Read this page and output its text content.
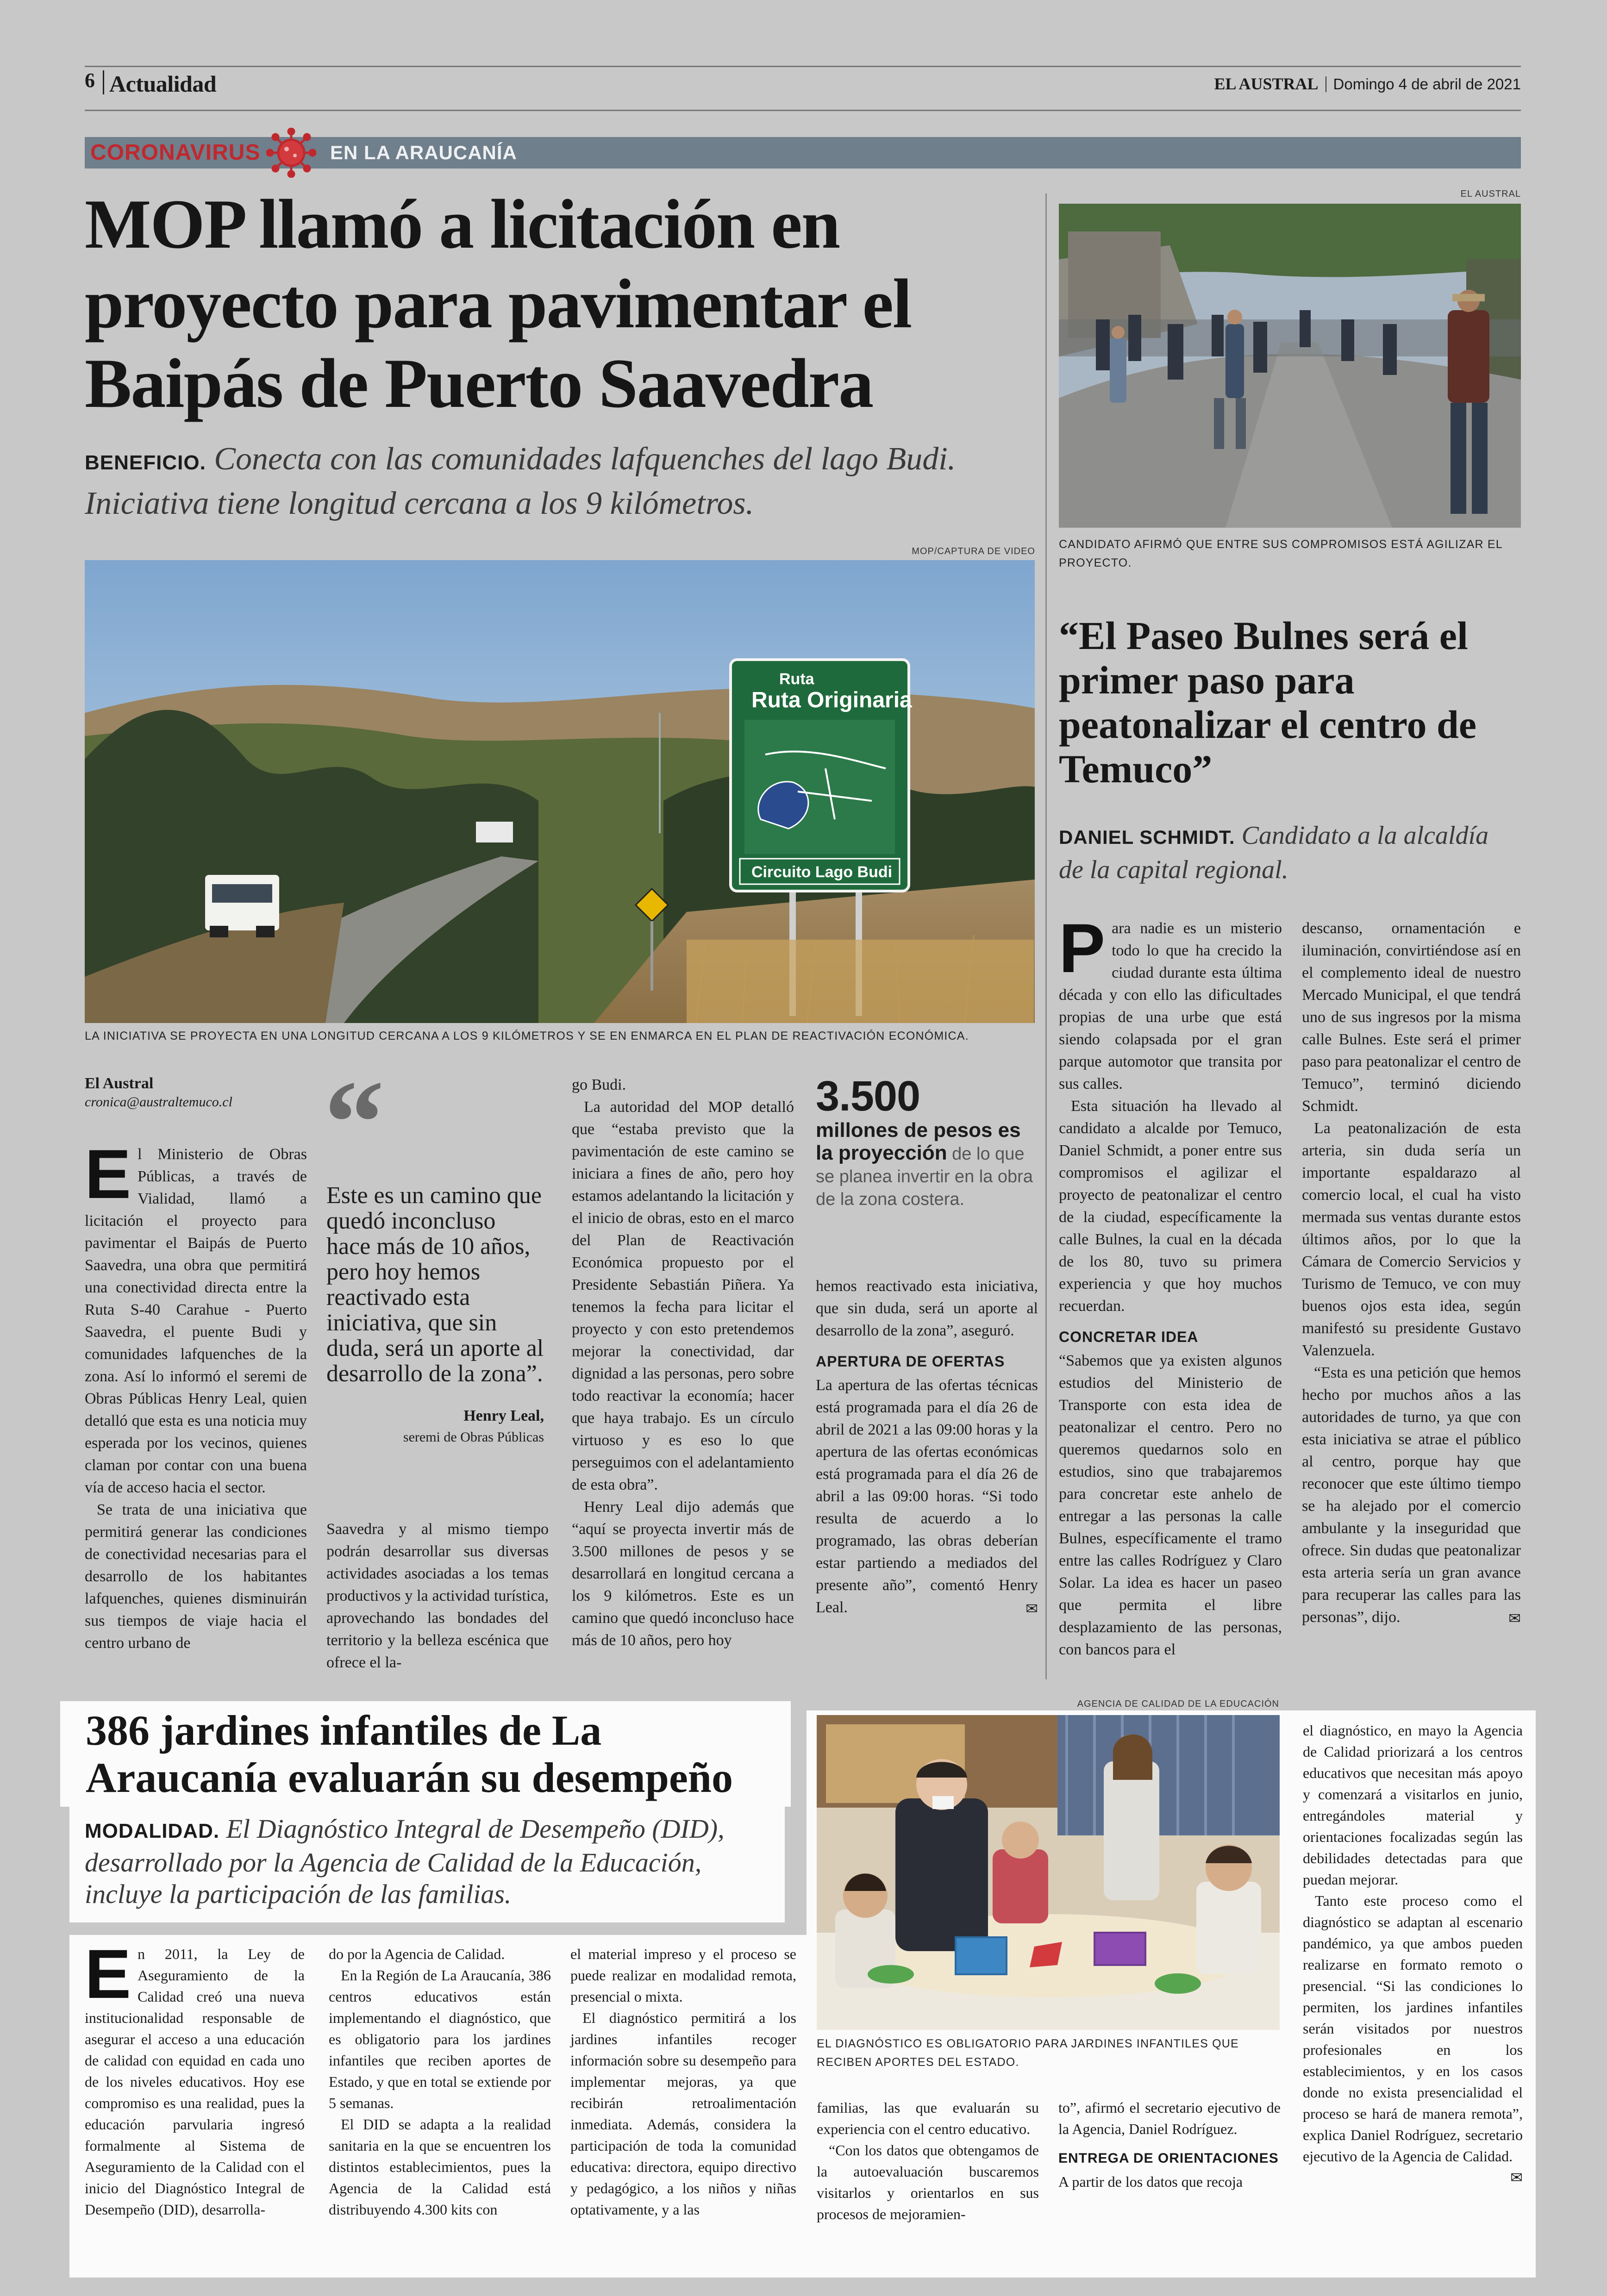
6 Actualidad	EL AUSTRAL Domingo 4 de abril de 2021
CORONAVIRUS	EN LA ARAUCANÍA
MOP llamó a licitación en proyecto para pavimentar el Baipás de Puerto Saavedra
BENEFICIO. Conecta con las comunidades lafquenches del lago Budi. Iniciativa tiene longitud cercana a los 9 kilómetros.
MOP/CAPTURA DE VIDEO
Ruta
Ruta Originaria
Circuito Lago Budi
LA INICIATIVA SE PROYECTA EN UNA LONGITUD CERCANA A LOS 9 KILÓMETROS Y SE EN ENMARCA EN EL PLAN DE REACTIVACIÓN ECONÓMICA.
El Austral
cronica@australtemuco.cl

El Ministerio de Obras Públicas, a través de Vialidad, llamó a licitación el proyecto para pavimentar el Baipás de Puerto Saavedra, una obra que permitirá una conectividad directa entre la Ruta S-40 Carahue - Puerto Saavedra, el puente Budi y comunidades lafquenches de la zona. Así lo informó el seremi de Obras Públicas Henry Leal, quien detalló que esta es una noticia muy esperada por los vecinos, quienes claman por contar con una buena vía de acceso hacia el sector.

Se trata de una iniciativa que permitirá generar las condiciones de conectividad necesarias para el desarrollo de los habitantes lafquenches, quienes disminuirán sus tiempos de viaje hacia el centro urbano de

“
Este es un camino que quedó inconcluso hace más de 10 años, pero hoy hemos reactivado esta iniciativa, que sin duda, será un aporte al desarrollo de la zona”.
Henry Leal,
seremi de Obras Públicas

Saavedra y al mismo tiempo podrán desarrollar sus diversas actividades asociadas a los temas productivos y la actividad turística, aprovechando las bondades del territorio y la belleza escénica que ofrece el la-

go Budi.

La autoridad del MOP detalló que “estaba previsto que la pavimentación de este camino se iniciara a fines de año, pero hoy estamos adelantando la licitación y el inicio de obras, esto en el marco del Plan de Reactivación Económica propuesto por el Presidente Sebastián Piñera. Ya tenemos la fecha para licitar el proyecto y con esto pretendemos mejorar la conectividad, dar dignidad a las personas, pero sobre todo reactivar la economía; hacer que haya trabajo. Es un círculo virtuoso y es eso lo que perseguimos con el adelantamiento de esta obra”.

Henry Leal dijo además que “aquí se proyecta invertir más de 3.500 millones de pesos y se desarrollará en longitud cercana a los 9 kilómetros. Este es un camino que quedó inconcluso hace más de 10 años, pero hoy

3.500
millones de pesos es la proyección de lo que se planea invertir en la obra de la zona costera.

hemos reactivado esta iniciativa, que sin duda, será un aporte al desarrollo de la zona”, aseguró.

APERTURA DE OFERTAS

La apertura de las ofertas técnicas está programada para el día 26 de abril de 2021 a las 09:00 horas y la apertura de las ofertas económicas está programada para el día 26 de abril a las 09:00 horas. “Si todo resulta de acuerdo a lo programado, las obras deberían estar partiendo a mediados del presente año”, comentó Henry Leal.	✉
EL AUSTRAL
CANDIDATO AFIRMÓ QUE ENTRE SUS COMPROMISOS ESTÁ AGILIZAR EL PROYECTO.
“El Paseo Bulnes será el primer paso para peatonalizar el centro de Temuco”
DANIEL SCHMIDT. Candidato a la alcaldía de la capital regional.

Para nadie es un misterio todo lo que ha crecido la ciudad durante esta última década y con ello las dificultades propias de una urbe que está siendo colapsada por el gran parque automotor que transita por sus calles.

Esta situación ha llevado al candidato a alcalde por Temuco, Daniel Schmidt, a poner entre sus compromisos el agilizar el proyecto de peatonalizar el centro de la ciudad, específicamente la calle Bulnes, la cual en la década de los 80, tuvo su primera experiencia y que hoy muchos recuerdan.

CONCRETAR IDEA

“Sabemos que ya existen algunos estudios del Ministerio de Transporte con esta idea de peatonalizar el centro. Pero no queremos quedarnos solo en estudios, sino que trabajaremos para concretar este anhelo de entregar a las personas la calle Bulnes, específicamente el tramo entre las calles Rodríguez y Claro Solar. La idea es hacer un paseo que permita el libre desplazamiento de las personas, con bancos para el

descanso, ornamentación e iluminación, convirtiéndose así en el complemento ideal de nuestro Mercado Municipal, el que tendrá uno de sus ingresos por la misma calle Bulnes. Este será el primer paso para peatonalizar el centro de Temuco”, terminó diciendo Schmidt.

La peatonalización de esta arteria, sin duda sería un importante espaldarazo al comercio local, el cual ha visto mermada sus ventas durante estos últimos años, por lo que la Cámara de Comercio Servicios y Turismo de Temuco, ve con muy buenos ojos esta idea, según manifestó su presidente Gustavo Valenzuela.

“Esta es una petición que hemos hecho por muchos años a las autoridades de turno, ya que con esta iniciativa se atrae el público al centro, porque hay que reconocer que este último tiempo se ha alejado por el comercio ambulante y la inseguridad que ofrece. Sin dudas que peatonalizar esta arteria sería un gran avance para recuperar las calles para las personas”, dijo.	✉
386 jardines infantiles de La Araucanía evaluarán su desempeño
MODALIDAD. El Diagnóstico Integral de Desempeño (DID), desarrollado por la Agencia de Calidad de la Educación, incluye la participación de las familias.
AGENCIA DE CALIDAD DE LA EDUCACIÓN
EL DIAGNÓSTICO ES OBLIGATORIO PARA JARDINES INFANTILES QUE RECIBEN APORTES DEL ESTADO.

En 2011, la Ley de Aseguramiento de la Calidad creó una nueva institucionalidad responsable de asegurar el acceso a una educación de calidad con equidad en cada uno de los niveles educativos. Hoy ese compromiso es una realidad, pues la educación parvularia ingresó formalmente al Sistema de Aseguramiento de la Calidad con el inicio del Diagnóstico Integral de Desempeño (DID), desarrolla-

do por la Agencia de Calidad.

En la Región de La Araucanía, 386 centros educativos están implementando el diagnóstico, que es obligatorio para los jardines infantiles que reciben aportes de Estado, y que en total se extiende por 5 semanas.

El DID se adapta a la realidad sanitaria en la que se encuentren los distintos establecimientos, pues la Agencia de la Calidad está distribuyendo 4.300 kits con

el material impreso y el proceso se puede realizar en modalidad remota, presencial o mixta.

El diagnóstico permitirá a los jardines infantiles recoger información sobre su desempeño para implementar mejoras, ya que recibirán retroalimentación inmediata. Además, considera la participación de toda la comunidad educativa: directora, equipo directivo y pedagógico, a los niños y niñas optativamente, y a las

familias, las que evaluarán su experiencia con el centro educativo.

“Con los datos que obtengamos de la autoevaluación buscaremos visitarlos y orientarlos en sus procesos de mejoramien-

to”, afirmó el secretario ejecutivo de la Agencia, Daniel Rodríguez.

ENTREGA DE ORIENTACIONES

A partir de los datos que recoja

el diagnóstico, en mayo la Agencia de Calidad priorizará a los centros educativos que necesitan más apoyo y comenzará a visitarlos en junio, entregándoles material y orientaciones focalizadas según las debilidades detectadas para que puedan mejorar.

Tanto este proceso como el diagnóstico se adaptan al escenario pandémico, ya que ambos pueden realizarse en formato remoto o presencial. “Si las condiciones lo permiten, los jardines infantiles serán visitados por nuestros profesionales en los establecimientos, y en los casos donde no exista presencialidad el proceso se hará de manera remota”, explica Daniel Rodríguez, secretario ejecutivo de la Agencia de Calidad.

✉
